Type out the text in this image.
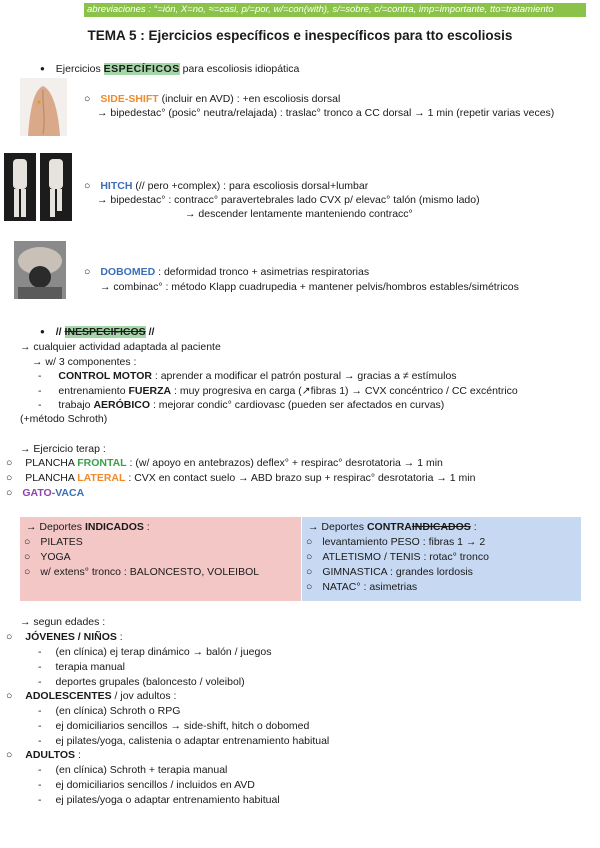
abreviaciones : °=ión, X=no, ≈=casi, p/=por, w/=con(with), s/=sobre, c/=contra, imp=importante, tto=tratamiento
TEMA 5 : Ejercicios específicos e inespecíficos para tto escoliosis
● Ejercicios ESPECÍFICOS para escoliosis idiopática
○ SIDE-SHIFT (incluir en AVD) : +en escoliosis dorsal
→ bipedestac° (posic° neutra/relajada) : traslac° tronco a CC dorsal → 1 min (repetir varias veces)
○ HITCH (// pero +complex) : para escoliosis dorsal+lumbar
→ bipedestac° : contracc° paravertebrales lado CVX p/ elevac° talón (mismo lado)
→ descender lentamente manteniendo contracc°
○ DOBOMED : deformidad tronco + asimetrias respiratorias
→ combinac° : método Klapp cuadrupedia + mantener pelvis/hombros estables/simétricos
● // INESPECIFICOS //
→ cualquier actividad adaptada al paciente
→ w/ 3 componentes :
- CONTROL MOTOR : aprender a modificar el patrón postural → gracias a ≠ estímulos
- entrenamiento FUERZA : muy progresiva en carga (↗fibras 1) → CVX concéntrico / CC excéntrico
- trabajo AERÓBICO : mejorar condic° cardiovasc (pueden ser afectados en curvas)
(+método Schroth)
→ Ejercicio terap :
○ PLANCHA FRONTAL : (w/ apoyo en antebrazos) deflex° + respirac° desrotatoria → 1 min
○ PLANCHA LATERAL : CVX en contact suelo → ABD brazo sup + respirac° desrotatoria → 1 min
○ GATO-VACA
→ Deportes INDICADOS :
○ PILATES
○ YOGA
○ w/ extens° tronco : BALONCESTO, VOLEIBOL
→ Deportes CONTRAINDICADOS :
○ levantamiento PESO : fibras 1 → 2
○ ATLETISMO / TENIS : rotac° tronco
○ GIMNASTICA : grandes lordosis
○ NATAC° : asimetrias
→ segun edades :
○ JÓVENES / NIÑOS :
- (en clínica) ej terap dinámico → balón / juegos
- terapia manual
- deportes grupales (baloncesto / voleibol)
○ ADOLESCENTES / jov adultos :
- (en clínica) Schroth o RPG
- ej domiciliarios sencillos → side-shift, hitch o dobomed
- ej pilates/yoga, calistenia o adaptar entrenamiento habitual
○ ADULTOS :
- (en clínica) Schroth + terapia manual
- ej domiciliarios sencillos / incluidos en AVD
- ej pilates/yoga o adaptar entrenamiento habitual
